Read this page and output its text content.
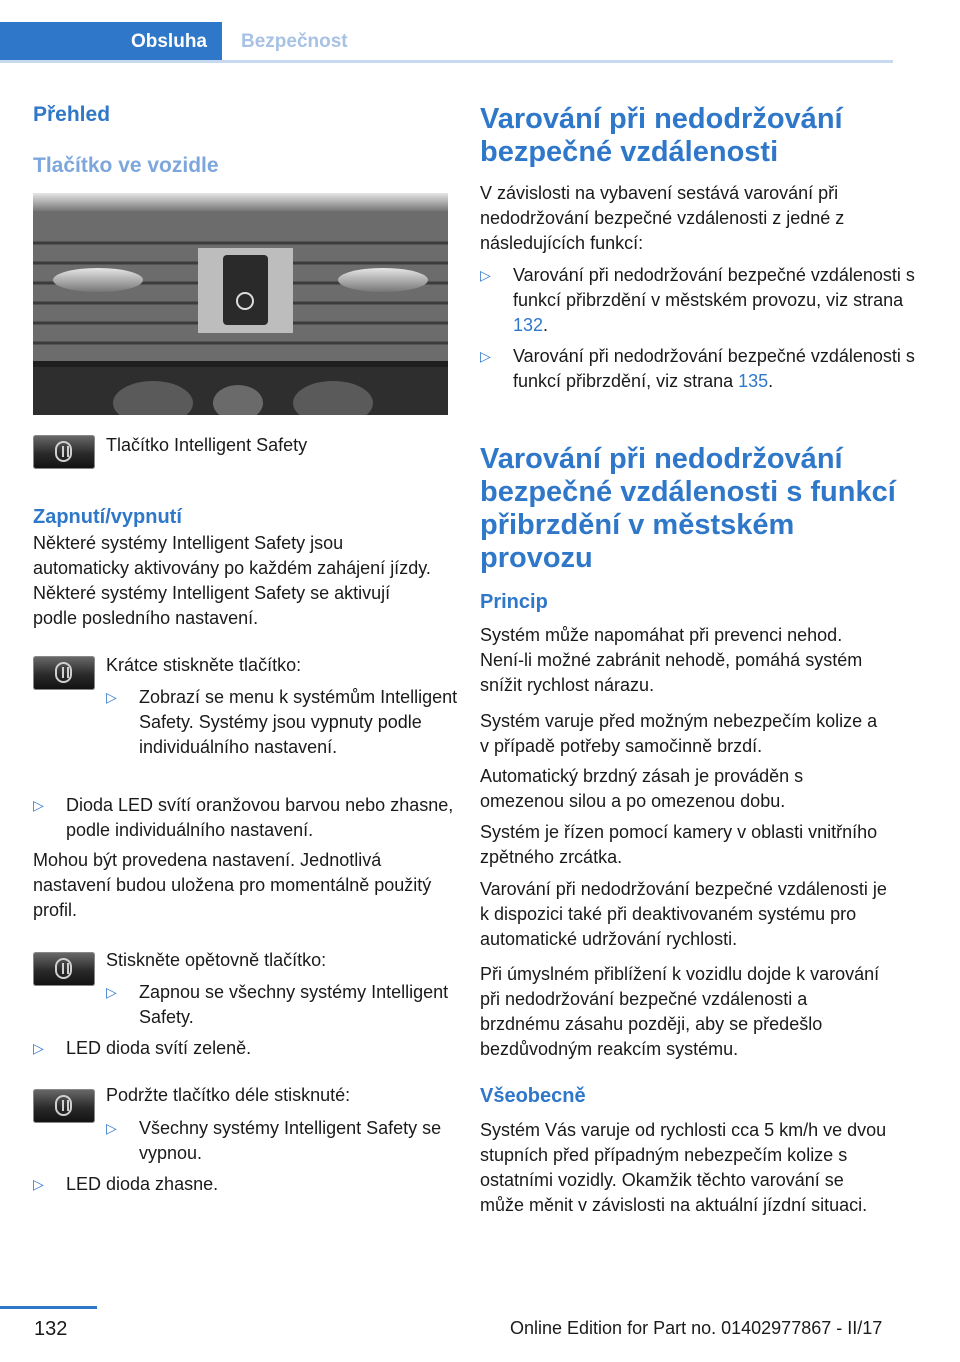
Obsluha	Bezpečnost
Přehled
Tlačítko ve vozidle

Tlačítko Intelligent Safety

Zapnutí/vypnutí

Některé systémy Intelligent Safety jsou automaticky aktivovány po každém zahájení jízdy. Některé systémy Intelligent Safety se aktivují podle posledního nastavení.

Krátce stiskněte tlačítko:

▷ Zobrazí se menu k systémům Intelligent Safety. Systémy jsou vypnuty podle individuálního nastavení.
▷ Dioda LED svítí oranžovou barvou nebo zhasne, podle individuálního nastavení.

Mohou být provedena nastavení. Jednotlivá nastavení budou uložena pro momentálně použitý profil.

Stiskněte opětovně tlačítko:

▷ Zapnou se všechny systémy Intelligent Safety.
▷ LED dioda svítí zeleně.

Podržte tlačítko déle stisknuté:

▷ Všechny systémy Intelligent Safety se vypnou.
▷ LED dioda zhasne.
Varování při nedodržování bezpečné vzdálenosti

V závislosti na vybavení sestává varování při nedodržování bezpečné vzdálenosti z jedné z následujících funkcí:

▷ Varování při nedodržování bezpečné vzdálenosti s funkcí přibrzdění v městském provozu, viz strana 132.
▷ Varování při nedodržování bezpečné vzdálenosti s funkcí přibrzdění, viz strana 135.
Varování při nedodržování bezpečné vzdálenosti s funkcí přibrzdění v městském provozu
Princip

Systém může napomáhat při prevenci nehod. Není-li možné zabránit nehodě, pomáhá systém snížit rychlost nárazu.

Systém varuje před možným nebezpečím kolize a v případě potřeby samočinně brzdí.

Automatický brzdný zásah je prováděn s omezenou silou a po omezenou dobu.

Systém je řízen pomocí kamery v oblasti vnitřního zpětného zrcátka.

Varování při nedodržování bezpečné vzdálenosti je k dispozici také při deaktivovaném systému pro automatické udržování rychlosti.

Při úmyslném přiblížení k vozidlu dojde k varování při nedodržování bezpečné vzdálenosti a brzdnému zásahu později, aby se předešlo bezdůvodným reakcím systému.

Všeobecně

Systém Vás varuje od rychlosti cca 5 km/h ve dvou stupních před případným nebezpečím kolize s ostatními vozidly. Okamžik těchto varování se může měnit v závislosti na aktuální jízdní situaci.

132	Online Edition for Part no. 01402977867 - II/17
